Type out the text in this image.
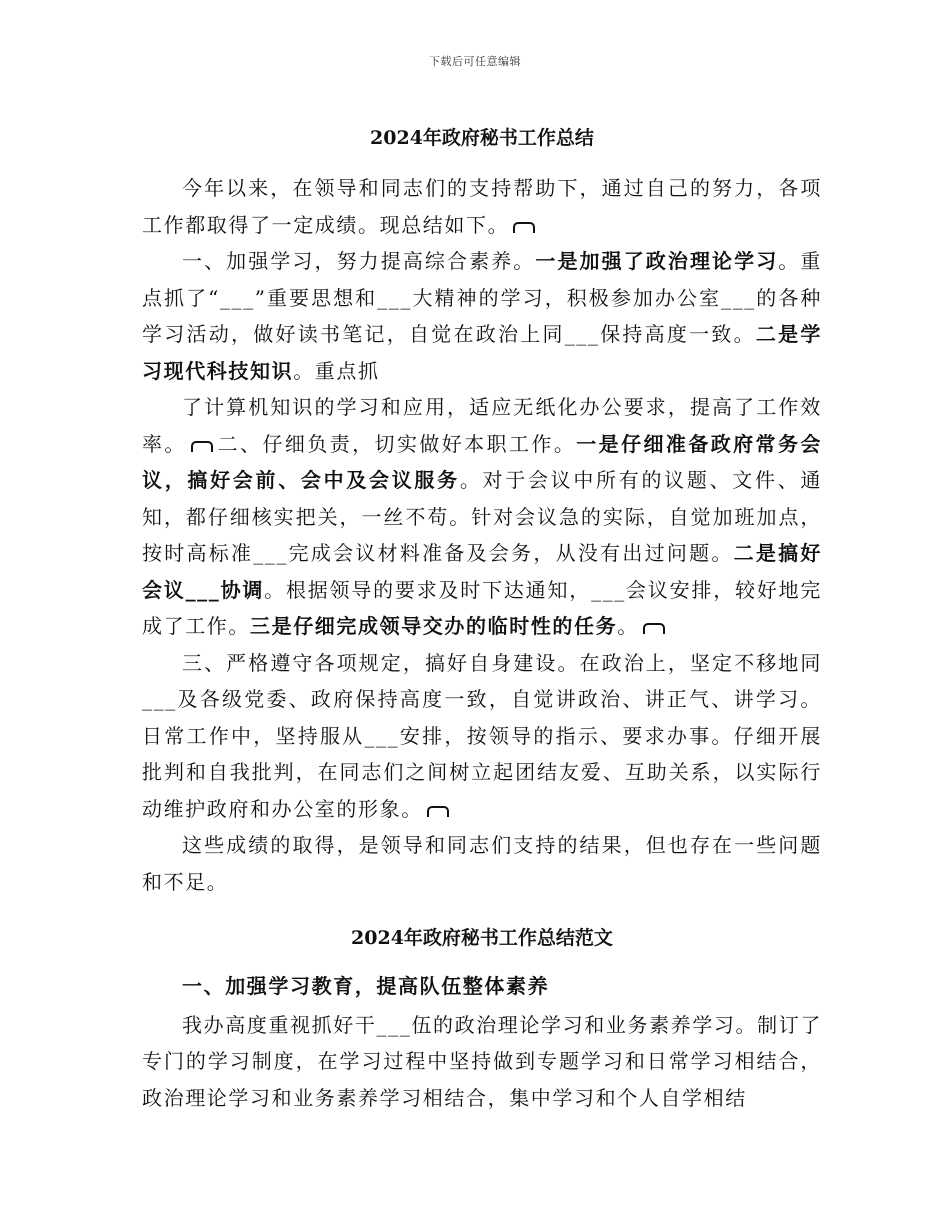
下载后可任意编辑
2024年政府秘书工作总结

今年以来，在领导和同志们的支持帮助下，通过自己的努力，各项工作都取得了一定成绩。现总结如下。

一、加强学习，努力提高综合素养。一是加强了政治理论学习。重点抓了“___”重要思想和___大精神的学习，积极参加办公室___的各种学习活动，做好读书笔记，自觉在政治上同___保持高度一致。二是学习现代科技知识。重点抓

了计算机知识的学习和应用，适应无纸化办公要求，提高了工作效率。 二、仔细负责，切实做好本职工作。一是仔细准备政府常务会议，搞好会前、会中及会议服务。对于会议中所有的议题、文件、通知，都仔细核实把关，一丝不苟。针对会议急的实际，自觉加班加点，按时高标准___完成会议材料准备及会务，从没有出过问题。二是搞好会议___协调。根据领导的要求及时下达通知，___会议安排，较好地完成了工作。三是仔细完成领导交办的临时性的任务。

三、严格遵守各项规定，搞好自身建设。在政治上，坚定不移地同___及各级党委、政府保持高度一致，自觉讲政治、讲正气、讲学习。日常工作中，坚持服从___安排，按领导的指示、要求办事。仔细开展批判和自我批判，在同志们之间树立起团结友爱、互助关系，以实际行动维护政府和办公室的形象。

这些成绩的取得，是领导和同志们支持的结果，但也存在一些问题和不足。

2024年政府秘书工作总结范文

一、加强学习教育，提高队伍整体素养

我办高度重视抓好干___伍的政治理论学习和业务素养学习。制订了专门的学习制度，在学习过程中坚持做到专题学习和日常学习相结合，政治理论学习和业务素养学习相结合，集中学习和个人自学相结
